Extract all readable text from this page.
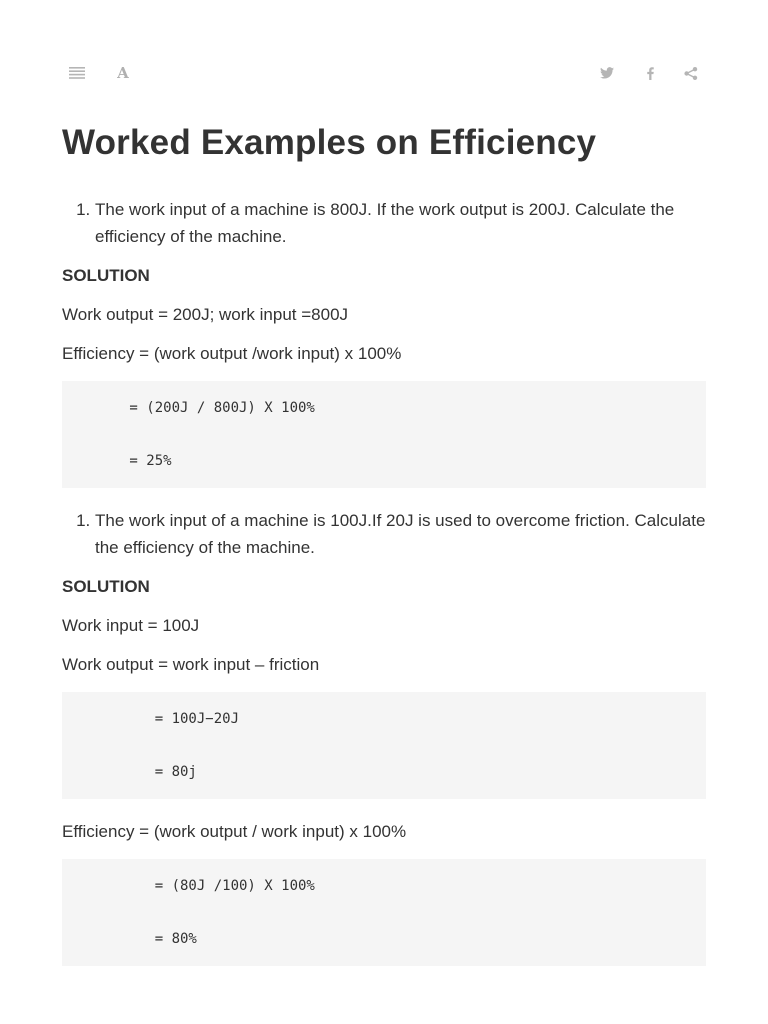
A
Worked Examples on Efficiency
1. The work input of a machine is 800J. If the work output is 200J. Calculate the efficiency of the machine.

SOLUTION

Work output = 200J; work input =800J

Efficiency = (work output /work input) x 100%

= (200J / 800J) X 100%
= 25%
1. The work input of a machine is 100J.If 20J is used to overcome friction. Calculate the efficiency of the machine.

SOLUTION

Work input = 100J

Work output = work input – friction

= 100J−20J
= 80j

Efficiency = (work output / work input) x 100%

= (80J /100) X 100%
= 80%
